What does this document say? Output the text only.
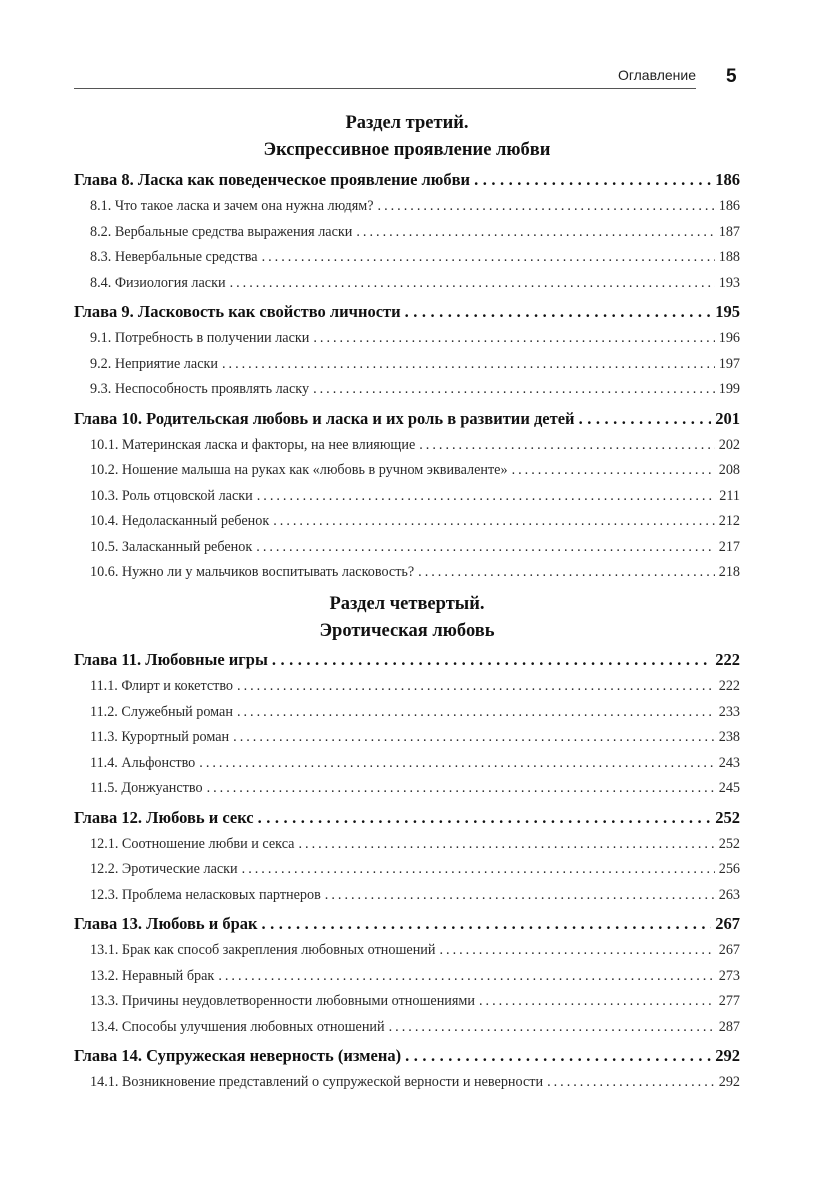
Оглавление 5
Раздел третий.
Экспрессивное проявление любви
Глава 8. Ласка как поведенческое проявление любви .....	186
8.1. Что такое ласка и зачем она нужна людям? .....	186
8.2. Вербальные средства выражения ласки .....	187
8.3. Невербальные средства .....	188
8.4. Физиология ласки .....	193
Глава 9. Ласковость как свойство личности .....	195
9.1. Потребность в получении ласки .....	196
9.2. Неприятие ласки .....	197
9.3. Неспособность проявлять ласку .....	199
Глава 10. Родительская любовь и ласка и их роль в развитии детей .....	201
10.1. Материнская ласка и факторы, на нее влияющие .....	202
10.2. Ношение малыша на руках как «любовь в ручном эквиваленте» .....	208
10.3. Роль отцовской ласки .....	211
10.4. Недоласканный ребенок .....	212
10.5. Заласканный ребенок .....	217
10.6. Нужно ли у мальчиков воспитывать ласковость? .....	218
Раздел четвертый.
Эротическая любовь
Глава 11. Любовные игры .....	222
11.1. Флирт и кокетство .....	222
11.2. Служебный роман .....	233
11.3. Курортный роман .....	238
11.4. Альфонство .....	243
11.5. Донжуанство .....	245
Глава 12. Любовь и секс .....	252
12.1. Соотношение любви и секса .....	252
12.2. Эротические ласки .....	256
12.3. Проблема неласковых партнеров .....	263
Глава 13. Любовь и брак .....	267
13.1. Брак как способ закрепления любовных отношений .....	267
13.2. Неравный брак .....	273
13.3. Причины неудовлетворенности любовными отношениями .....	277
13.4. Способы улучшения любовных отношений .....	287
Глава 14. Супружеская неверность (измена) .....	292
14.1. Возникновение представлений о супружеской верности и неверности .....	292
